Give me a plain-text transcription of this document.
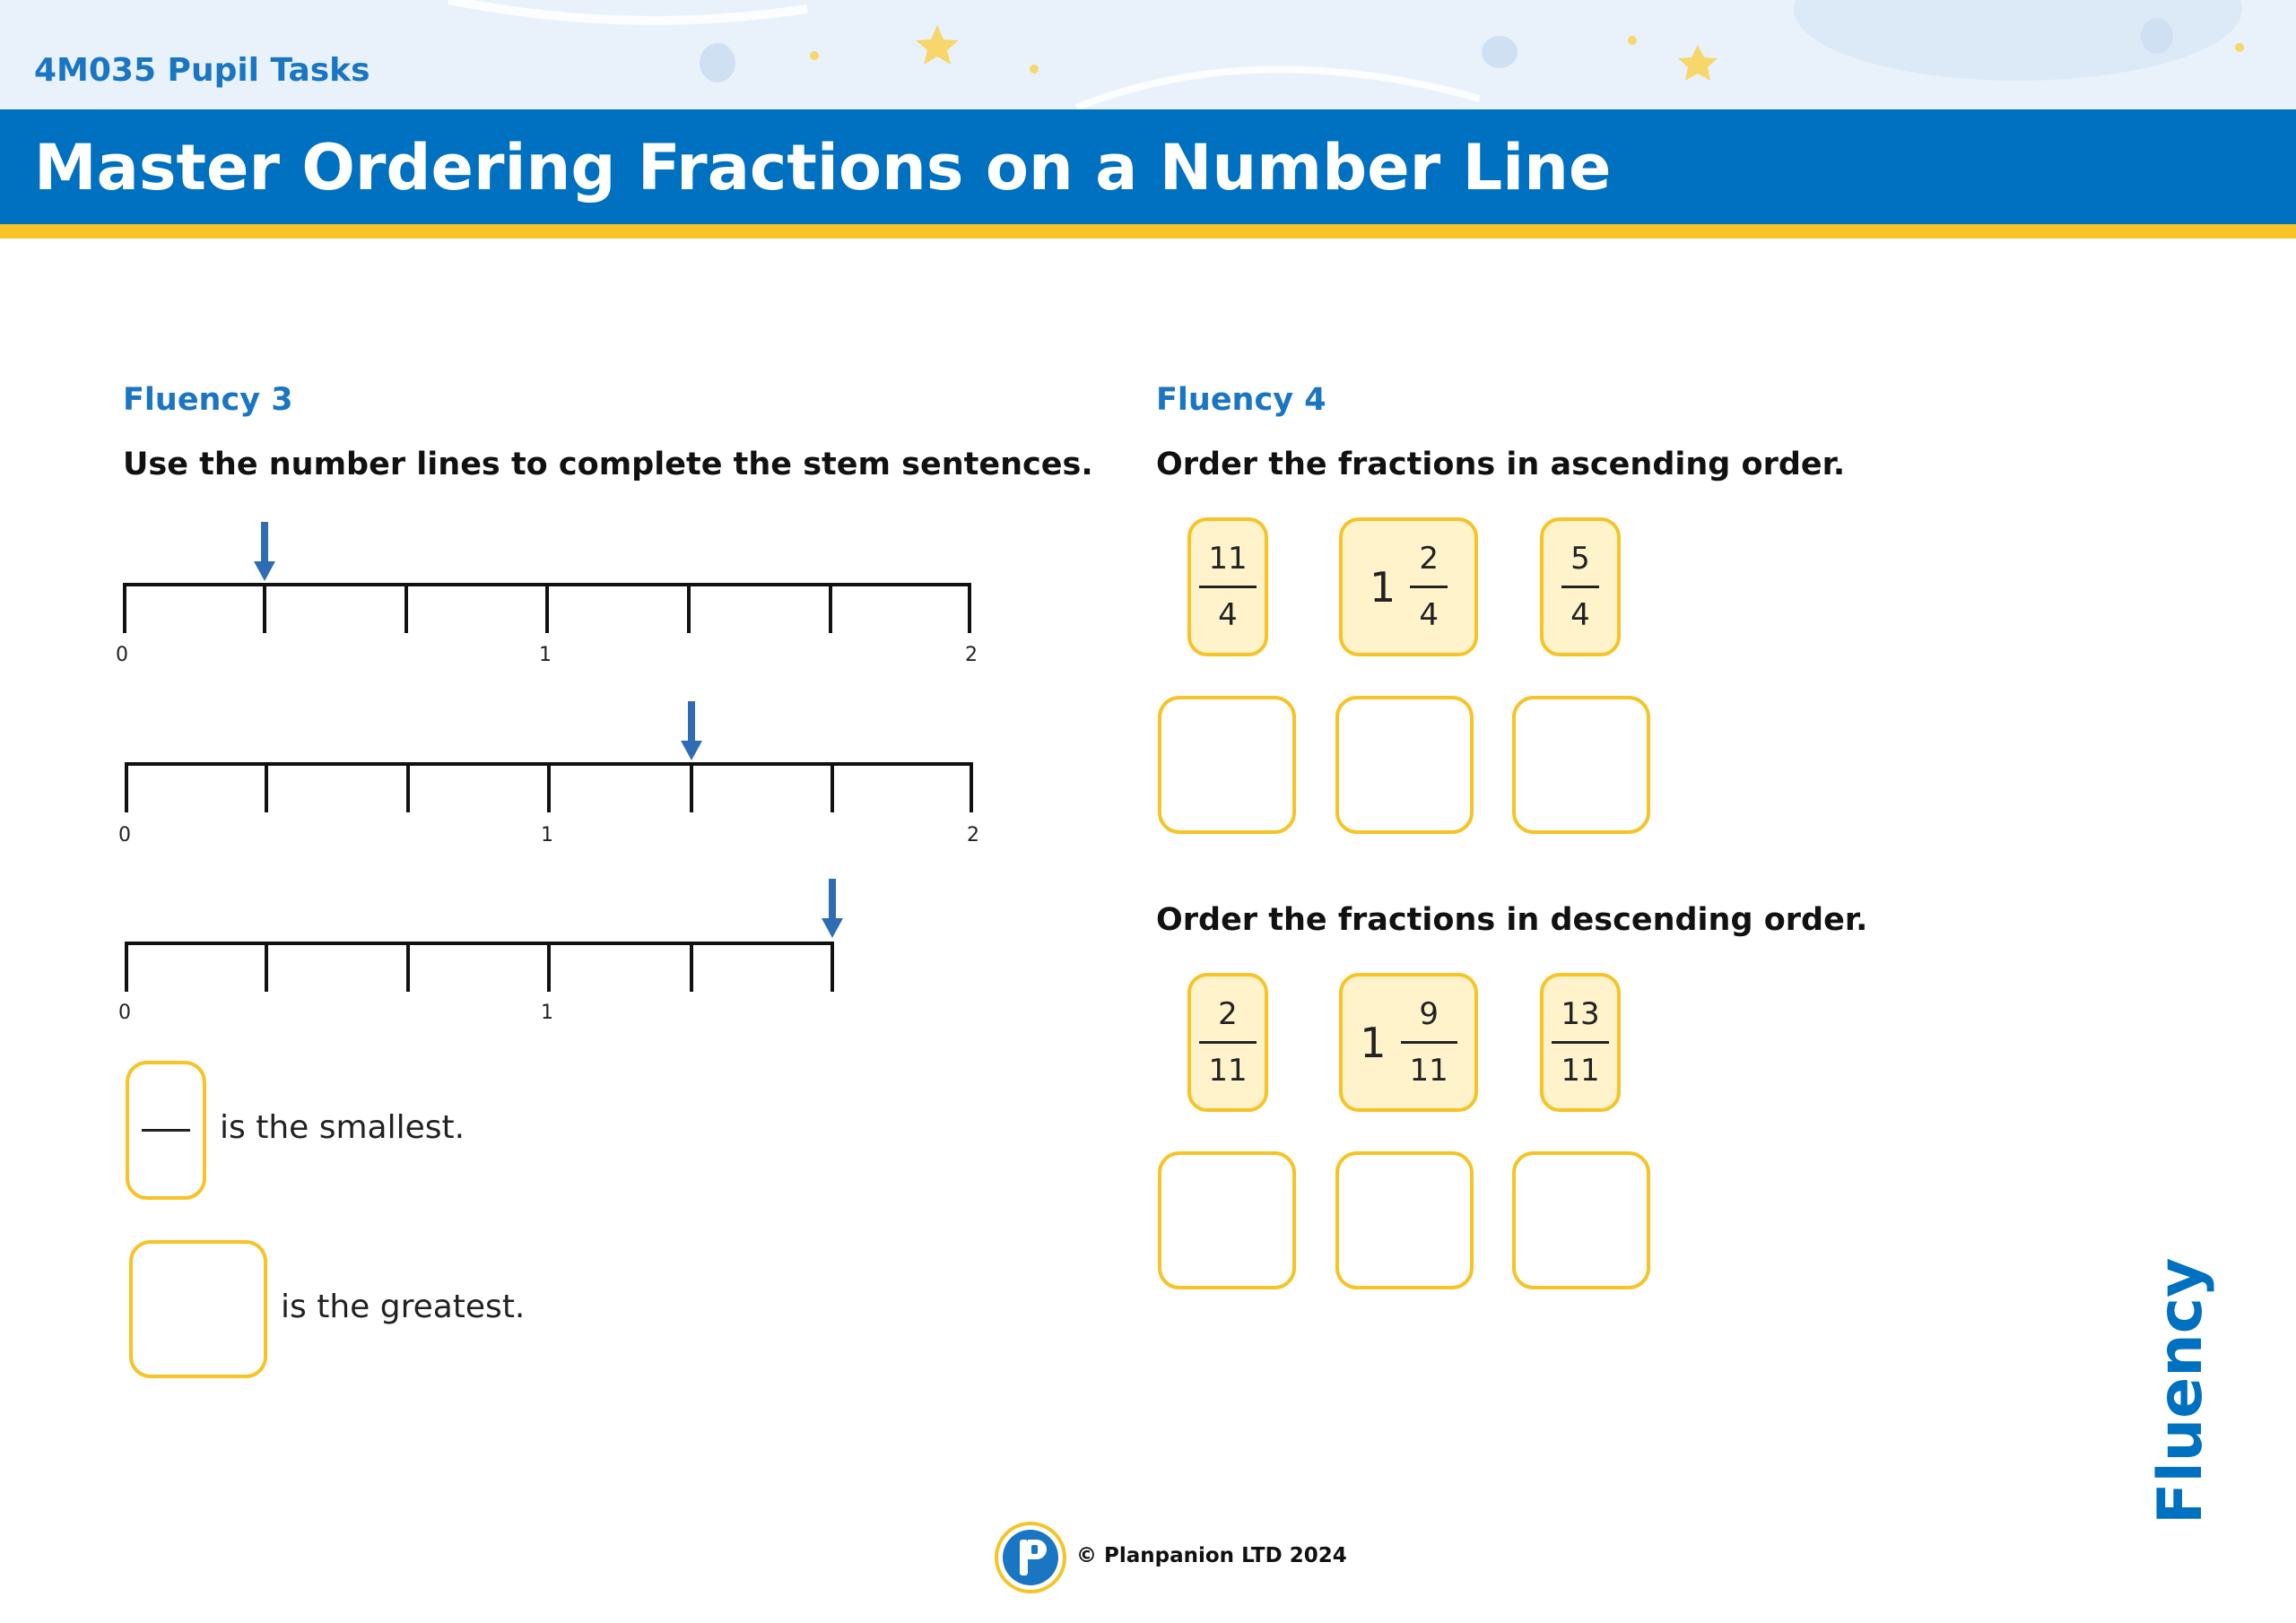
4M035 Pupil Tasks
Master Ordering Fractions on a Number Line
Fluency 3
Use the number lines to complete the stem sentences.
0	1	2
0	1	2
0	1
is the smallest.
is the greatest.
Fluency 4
Order the fractions in ascending order.
$\frac{11}{4}$	$1 \frac{2}{4}$	$\frac{5}{4}$
Order the fractions in descending order.
$\frac{2}{11}$	$1 \frac{9}{11}$	$\frac{13}{11}$
Fluency
© Planpanion LTD 2024
